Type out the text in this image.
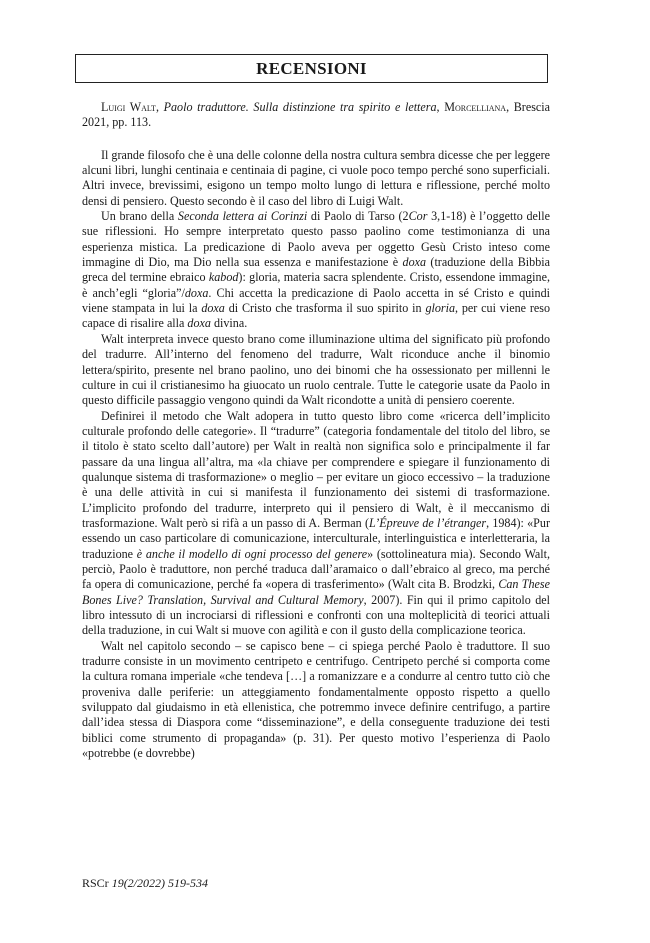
RECENSIONI
Luigi Walt, Paolo traduttore. Sulla distinzione tra spirito e lettera, Morcelliana, Brescia 2021, pp. 113.

Il grande filosofo che è una delle colonne della nostra cultura sembra dicesse che per leggere alcuni libri, lunghi centinaia e centinaia di pagine, ci vuole poco tempo perché sono superficiali. Altri invece, brevissimi, esigono un tempo molto lungo di lettura e riflessione, perché molto densi di pensiero. Questo secondo è il caso del libro di Luigi Walt.

Un brano della Seconda lettera ai Corinzi di Paolo di Tarso (2Cor 3,1-18) è l’oggetto delle sue riflessioni. Ho sempre interpretato questo passo paolino come testimonianza di una esperienza mistica. La predicazione di Paolo aveva per oggetto Gesù Cristo inteso come immagine di Dio, ma Dio nella sua essenza e manifestazione è doxa (traduzione della Bibbia greca del termine ebraico kabod): gloria, materia sacra splendente. Cristo, essendone immagine, è anch’egli “gloria”/doxa. Chi accetta la predicazione di Paolo accetta in sé Cristo e quindi viene stampata in lui la doxa di Cristo che trasforma il suo spirito in gloria, per cui viene reso capace di risalire alla doxa divina.

Walt interpreta invece questo brano come illuminazione ultima del significato più profondo del tradurre. All’interno del fenomeno del tradurre, Walt riconduce anche il binomio lettera/spirito, presente nel brano paolino, uno dei binomi che ha ossessionato per millenni le culture in cui il cristianesimo ha giuocato un ruolo centrale. Tutte le categorie usate da Paolo in questo difficile passaggio vengono quindi da Walt ricondotte a unità di pensiero coerente.

Definirei il metodo che Walt adopera in tutto questo libro come «ricerca dell’implicito culturale profondo delle categorie». Il “tradurre” (categoria fondamentale del titolo del libro, se il titolo è stato scelto dall’autore) per Walt in realtà non significa solo e principalmente il far passare da una lingua all’altra, ma «la chiave per comprendere e spiegare il funzionamento di qualunque sistema di trasformazione» o meglio – per evitare un gioco eccessivo – la traduzione è una delle attività in cui si manifesta il funzionamento dei sistemi di trasformazione. L’implicito profondo del tradurre, interpreto qui il pensiero di Walt, è il meccanismo di trasformazione. Walt però si rifà a un passo di A. Berman (L’Épreuve de l’étranger, 1984): «Pur essendo un caso particolare di comunicazione, interculturale, interlinguistica e interletteraria, la traduzione è anche il modello di ogni processo del genere» (sottolineatura mia). Secondo Walt, perciò, Paolo è traduttore, non perché traduca dall’aramaico o dall’ebraico al greco, ma perché fa opera di comunicazione, perché fa «opera di trasferimento» (Walt cita B. Brodzki, Can These Bones Live? Translation, Survival and Cultural Memory, 2007). Fin qui il primo capitolo del libro intessuto di un incrociarsi di riflessioni e confronti con una molteplicità di teorici attuali della traduzione, in cui Walt si muove con agilità e con il gusto della complicazione teorica.

Walt nel capitolo secondo – se capisco bene – ci spiega perché Paolo è traduttore. Il suo tradurre consiste in un movimento centripeto e centrifugo. Centripeto perché si comporta come la cultura romana imperiale «che tendeva […] a romanizzare e a condurre al centro tutto ciò che proveniva dalle periferie: un atteggiamento fondamentalmente opposto rispetto a quello sviluppato dal giudaismo in età ellenistica, che potremmo invece definire centrifugo, a partire dall’idea stessa di Diaspora come “disseminazione”, e della conseguente traduzione dei testi biblici come strumento di propaganda» (p. 31). Per questo motivo l’esperienza di Paolo «potrebbe (e dovrebbe)

RSCr 19(2/2022) 519-534
